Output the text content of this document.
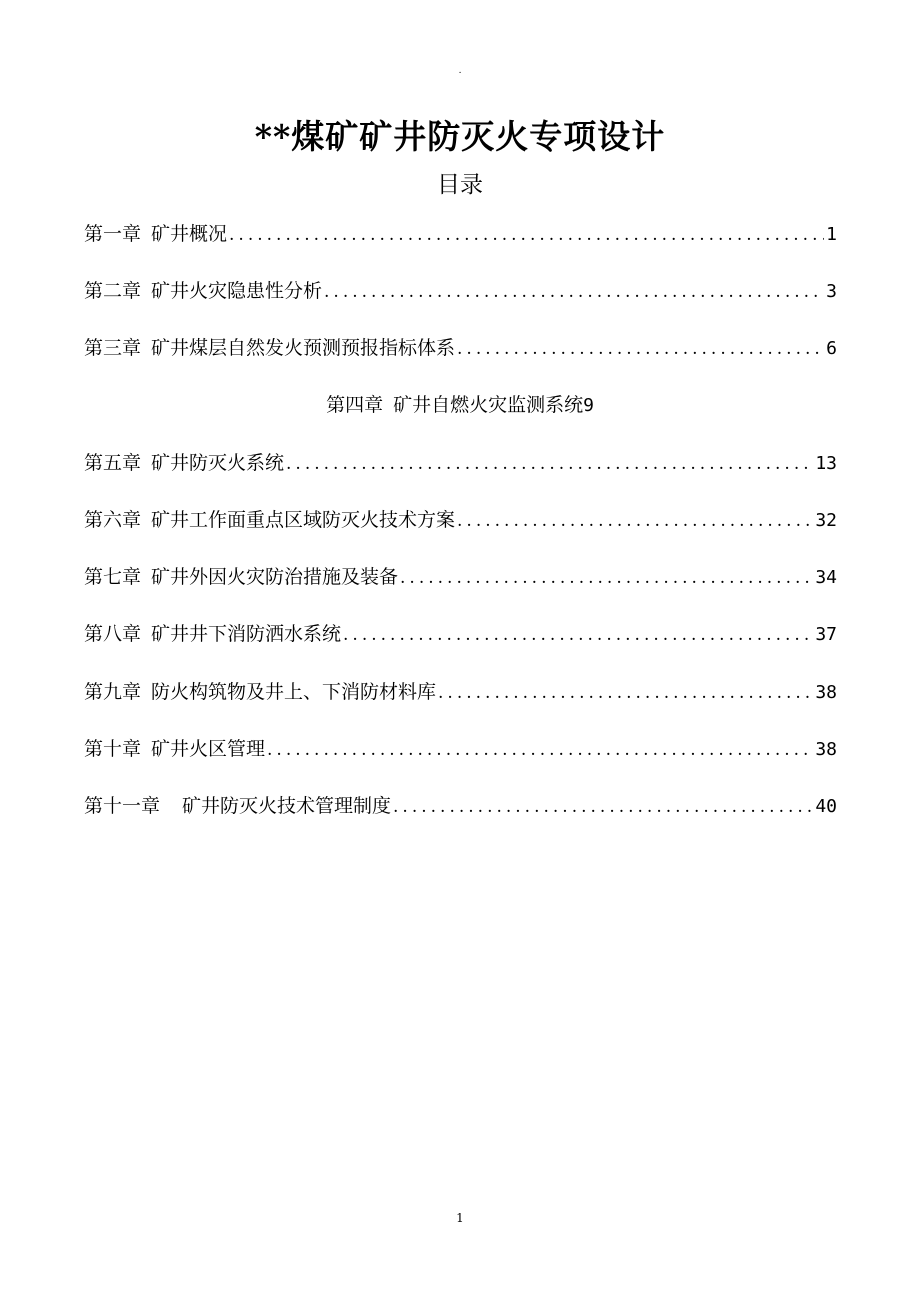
.
**煤矿矿井防灭火专项设计
目录
第一章 矿井概况 .....	1
第二章 矿井火灾隐患性分析 .....	3
第三章 矿井煤层自然发火预测预报指标体系 .....	6
第四章 矿井自燃火灾监测系统 9
第五章 矿井防灭火系统 .....	13
第六章 矿井工作面重点区域防灭火技术方案 .....	32
第七章 矿井外因火灾防治措施及装备 .....	34
第八章 矿井井下消防洒水系统 .....	37
第九章 防火构筑物及井上、下消防材料库 .....	38
第十章 矿井火区管理 .....	38
第十一章 矿井防灭火技术管理制度 .....	40
1
